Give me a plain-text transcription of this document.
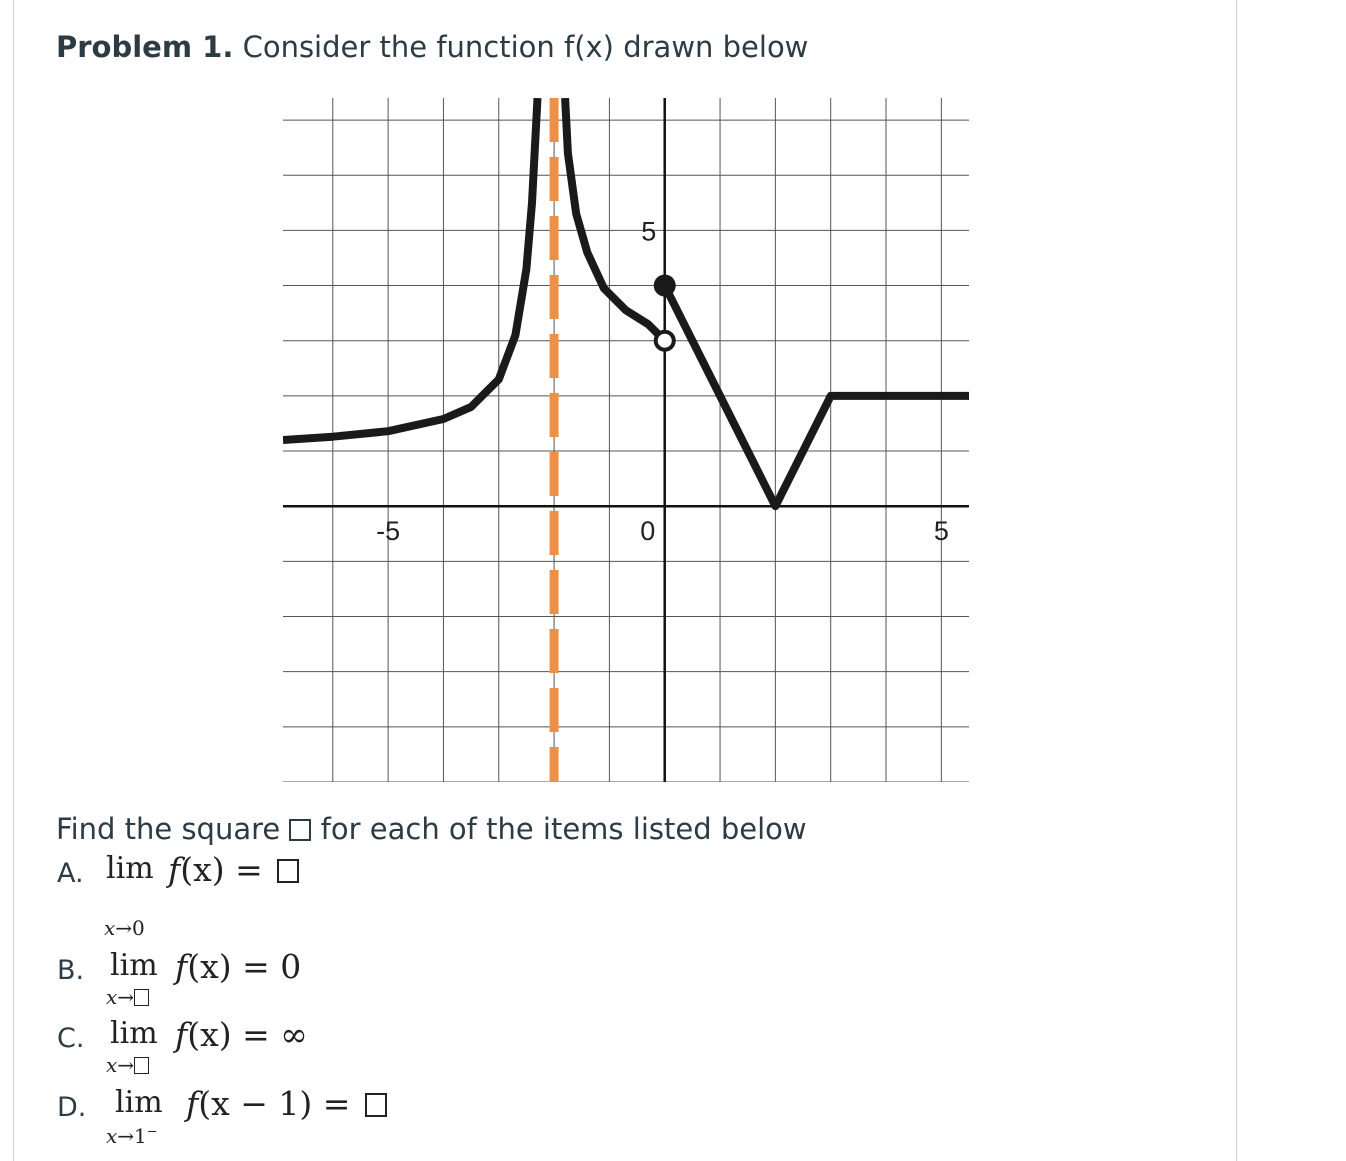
Problem 1. Consider the function f(x) drawn below
-5	0	5
5
Find the square  for each of the items listed below
A. lim
x→0
f(x) =
B. lim
x→
f(x) = 0
C. lim
x→
f(x) = ∞
D. lim
x→1−
f(x − 1) =
